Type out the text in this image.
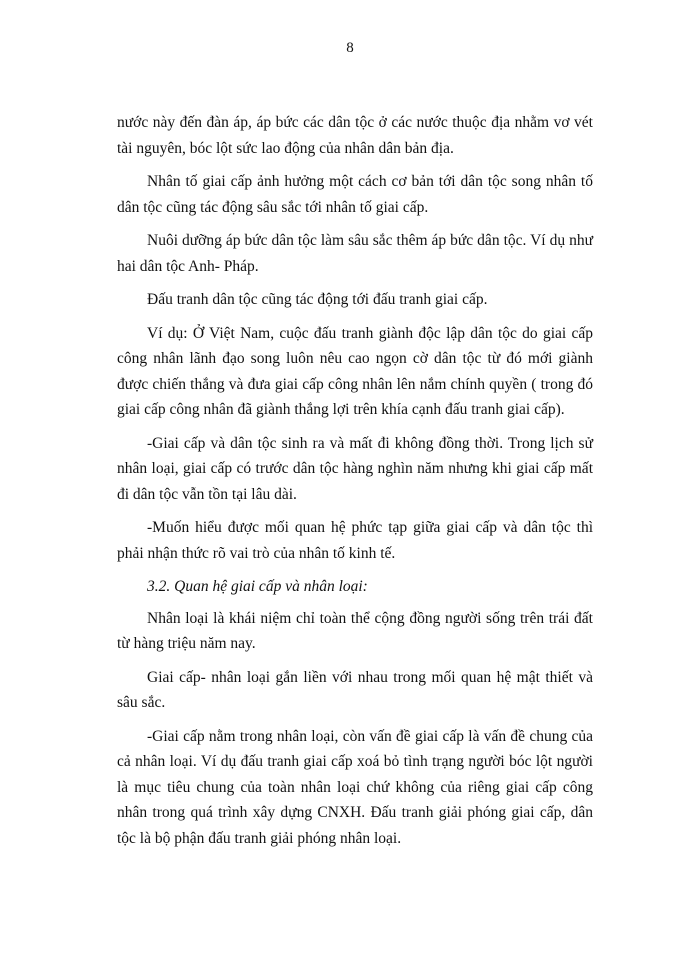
8

nước này đến đàn áp, áp bức các dân tộc ở các nước thuộc địa nhằm vơ vét tài nguyên, bóc lột sức lao động của nhân dân bản địa.

Nhân tố giai cấp ảnh hưởng một cách cơ bản tới dân tộc song nhân tố dân tộc cũng tác động sâu sắc tới nhân tố giai cấp.

Nuôi dưỡng áp bức dân tộc làm sâu sắc thêm áp bức dân tộc. Ví dụ như hai dân tộc Anh- Pháp.

Đấu tranh dân tộc cũng tác động tới đấu tranh giai cấp.

Ví dụ: Ở Việt Nam, cuộc đấu tranh giành độc lập dân tộc do giai cấp công nhân lãnh đạo song luôn nêu cao ngọn cờ dân tộc từ đó mới giành được chiến thắng và đưa giai cấp công nhân lên nắm chính quyền ( trong đó giai cấp công nhân đã giành thắng lợi trên khía cạnh đấu tranh giai cấp).

-Giai cấp và dân tộc sinh ra và mất đi không đồng thời. Trong lịch sử nhân loại, giai cấp có trước dân tộc hàng nghìn năm nhưng khi giai cấp mất đi dân tộc vẫn tồn tại lâu dài.

-Muốn hiểu được mối quan hệ phức tạp giữa giai cấp và dân tộc thì phải nhận thức rõ vai trò của nhân tố kinh tế.

3.2. Quan hệ giai cấp và nhân loại:

Nhân loại là khái niệm chỉ toàn thể cộng đồng người sống trên trái đất từ hàng triệu năm nay.

Giai cấp- nhân loại gắn liền với nhau trong mối quan hệ mật thiết và sâu sắc.

-Giai cấp nằm trong nhân loại, còn vấn đề giai cấp là vấn đề chung của cả nhân loại. Ví dụ đấu tranh giai cấp xoá bỏ tình trạng người bóc lột người là mục tiêu chung của toàn nhân loại chứ không của riêng giai cấp công nhân trong quá trình xây dựng CNXH. Đấu tranh giải phóng giai cấp, dân tộc là bộ phận đấu tranh giải phóng nhân loại.
